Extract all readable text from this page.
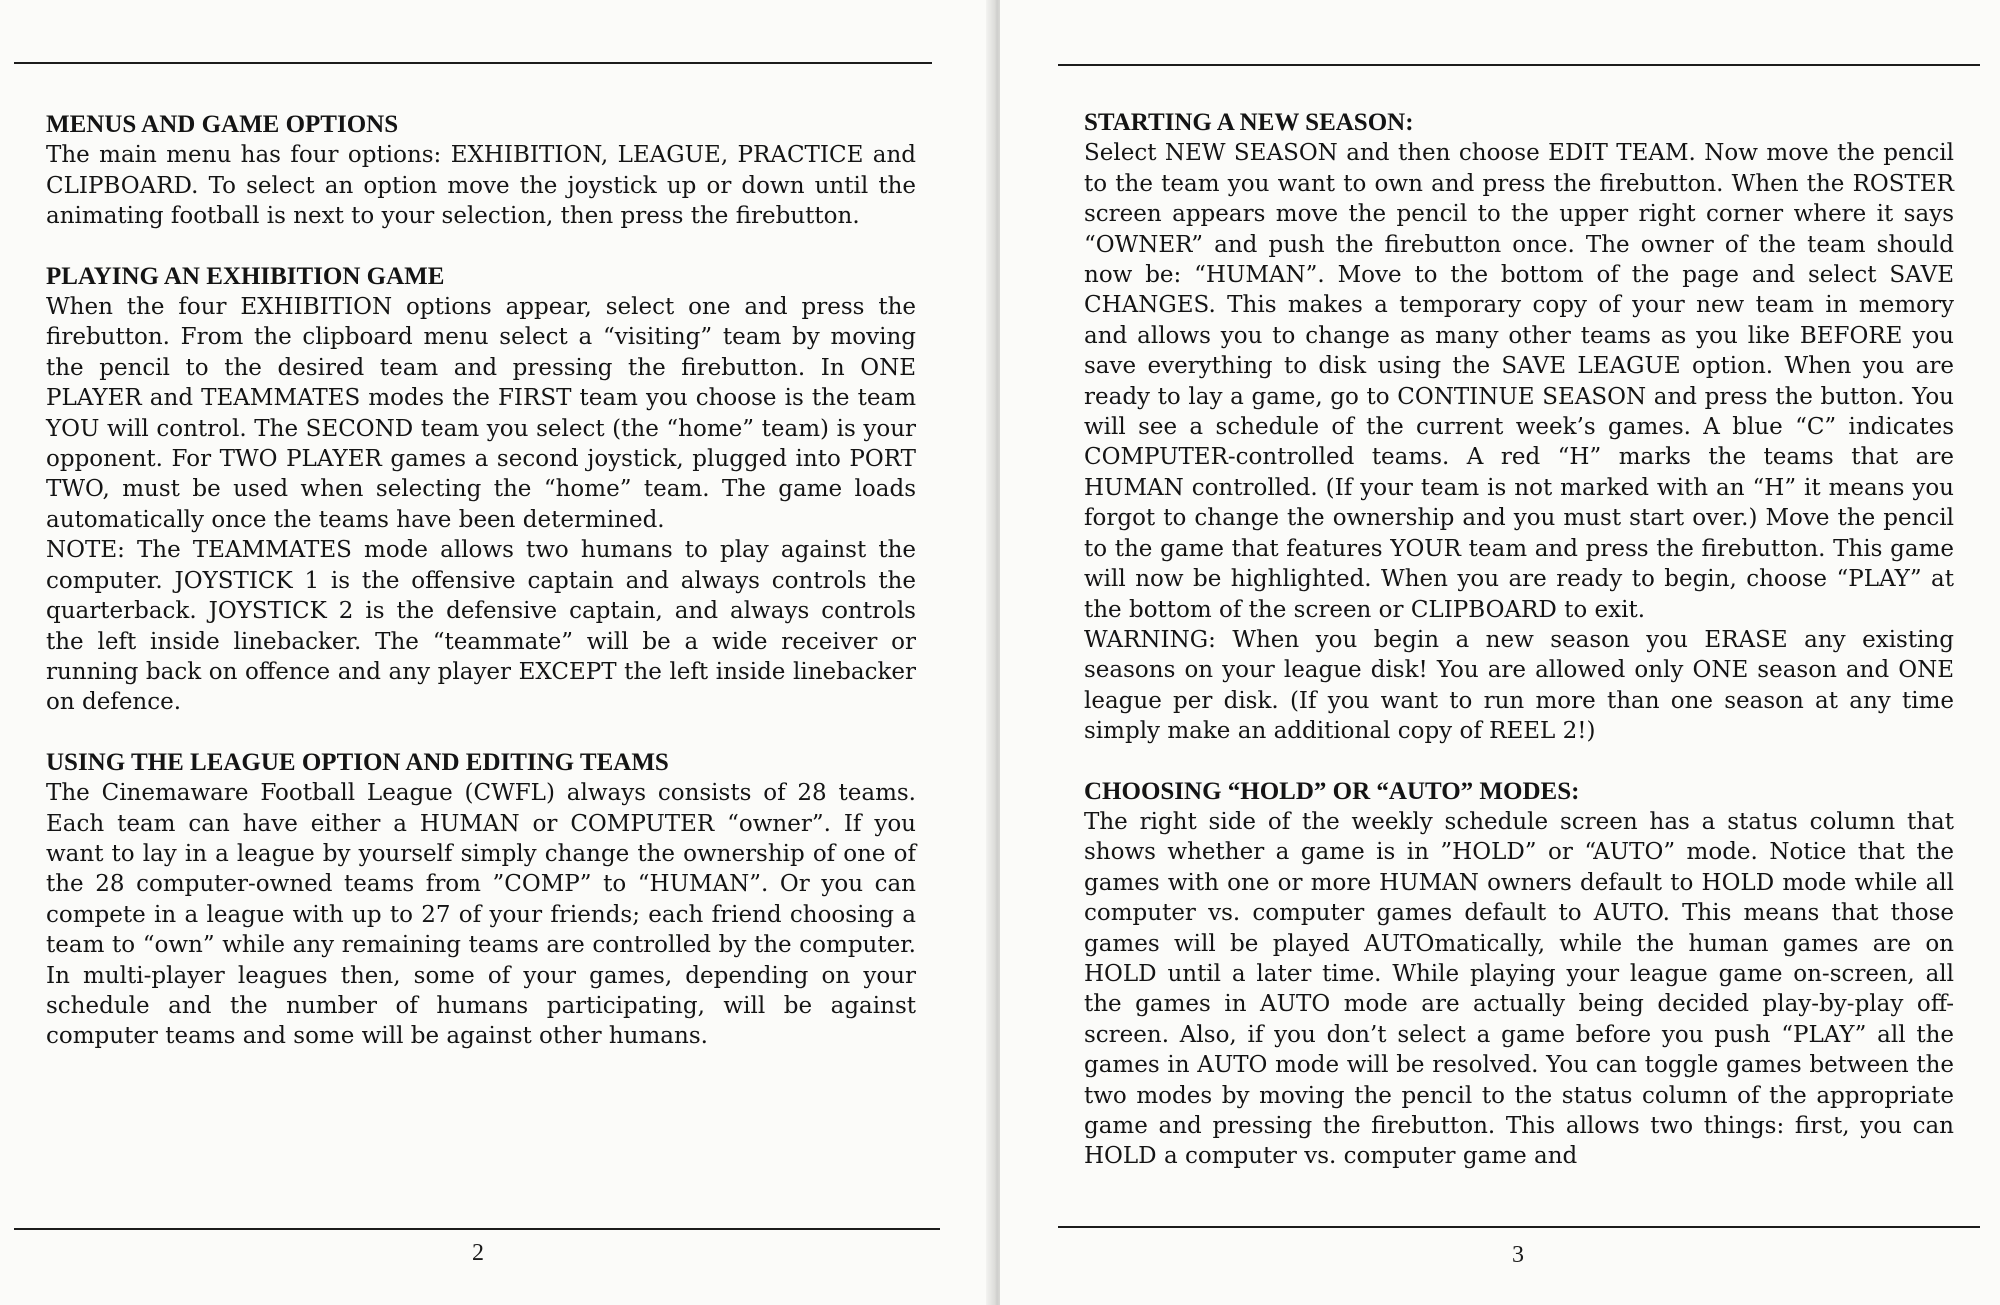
MENUS AND GAME OPTIONS

The main menu has four options: EXHIBITION, LEAGUE, PRACTICE and CLIPBOARD. To select an option move the joystick up or down until the animating football is next to your selection, then press the firebutton.

PLAYING AN EXHIBITION GAME

When the four EXHIBITION options appear, select one and press the firebutton. From the clipboard menu select a “visiting” team by moving the pencil to the desired team and pressing the firebutton. In ONE PLAYER and TEAMMATES modes the FIRST team you choose is the team YOU will control. The SECOND team you select (the “home” team) is your opponent. For TWO PLAYER games a second joystick, plugged into PORT TWO, must be used when selecting the “home” team. The game loads automatically once the teams have been determined.

NOTE: The TEAMMATES mode allows two humans to play against the computer. JOYSTICK 1 is the offensive captain and always controls the quarterback. JOYSTICK 2 is the defensive captain, and always controls the left inside linebacker. The “teammate” will be a wide receiver or running back on offence and any player EXCEPT the left inside linebacker on defence.

USING THE LEAGUE OPTION AND EDITING TEAMS

The Cinemaware Football League (CWFL) always consists of 28 teams. Each team can have either a HUMAN or COMPUTER “owner”. If you want to lay in a league by yourself simply change the ownership of one of the 28 computer-owned teams from ”COMP” to “HUMAN”. Or you can compete in a league with up to 27 of your friends; each friend choosing a team to “own” while any remaining teams are controlled by the computer. In multi-player leagues then, some of your games, depending on your schedule and the number of humans participating, will be against computer teams and some will be against other humans.

2

STARTING A NEW SEASON:

Select NEW SEASON and then choose EDIT TEAM. Now move the pencil to the team you want to own and press the firebutton. When the ROSTER screen appears move the pencil to the upper right corner where it says “OWNER” and push the firebutton once. The owner of the team should now be: “HUMAN”. Move to the bottom of the page and select SAVE CHANGES. This makes a temporary copy of your new team in memory and allows you to change as many other teams as you like BEFORE you save everything to disk using the SAVE LEAGUE option. When you are ready to lay a game, go to CONTINUE SEASON and press the button. You will see a schedule of the current week’s games. A blue “C” indicates COMPUTER-controlled teams. A red “H” marks the teams that are HUMAN controlled. (If your team is not marked with an “H” it means you forgot to change the ownership and you must start over.) Move the pencil to the game that features YOUR team and press the firebutton. This game will now be highlighted. When you are ready to begin, choose “PLAY” at the bottom of the screen or CLIPBOARD to exit.

WARNING: When you begin a new season you ERASE any existing seasons on your league disk! You are allowed only ONE season and ONE league per disk. (If you want to run more than one season at any time simply make an additional copy of REEL 2!)

CHOOSING “HOLD” OR “AUTO” MODES:

The right side of the weekly schedule screen has a status column that shows whether a game is in ”HOLD” or “AUTO” mode. Notice that the games with one or more HUMAN owners default to HOLD mode while all computer vs. computer games default to AUTO. This means that those games will be played AUTOmatically, while the human games are on HOLD until a later time. While playing your league game on-screen, all the games in AUTO mode are actually being decided play-by-play off-screen. Also, if you don’t select a game before you push “PLAY” all the games in AUTO mode will be resolved. You can toggle games between the two modes by moving the pencil to the status column of the appropriate game and pressing the firebutton. This allows two things: first, you can HOLD a computer vs. computer game and

3
